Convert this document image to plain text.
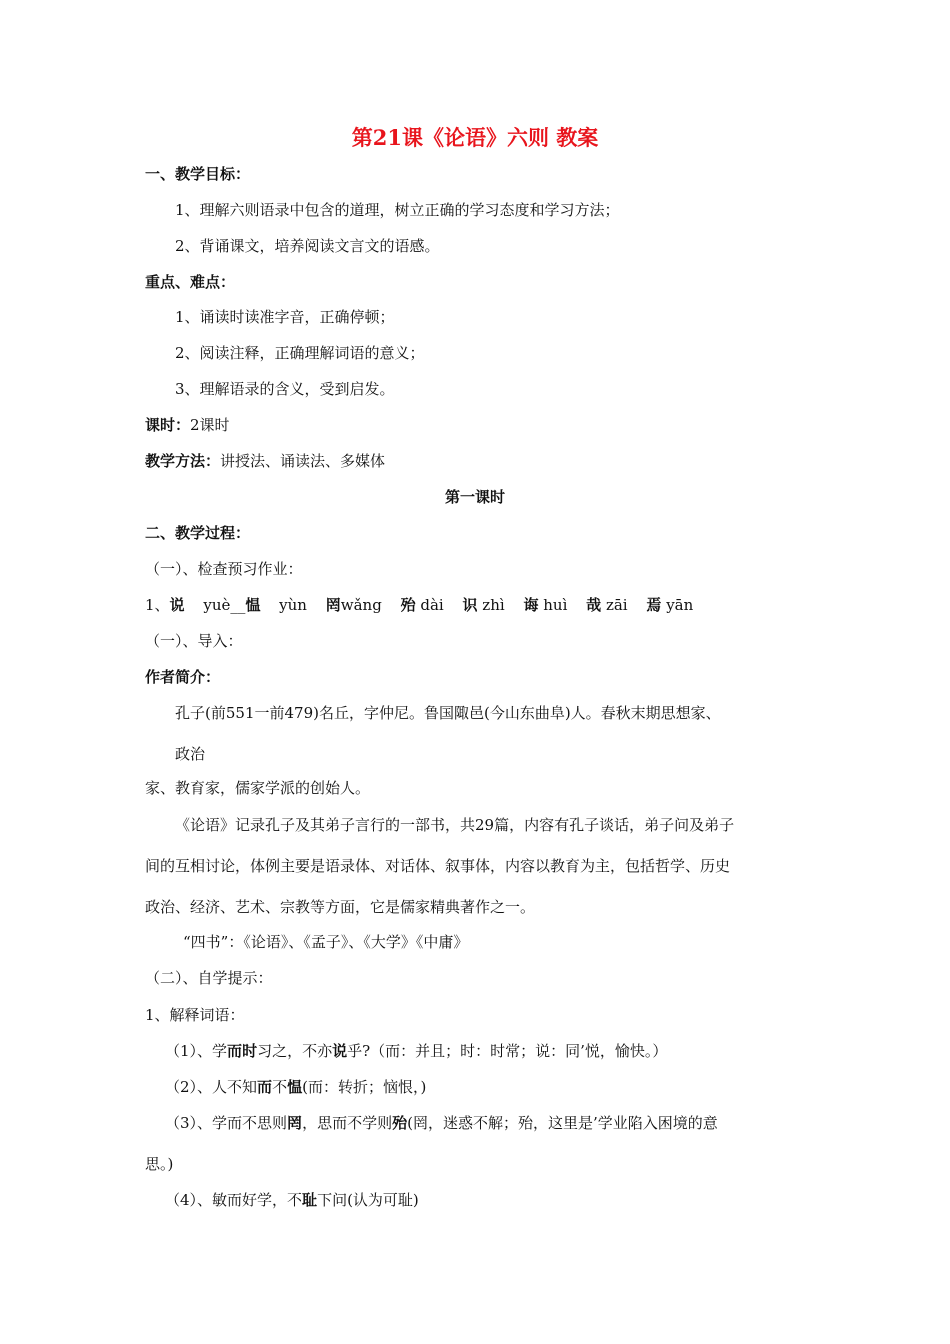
第21课《论语》六则 教案
一、教学目标：
1、理解六则语录中包含的道理，树立正确的学习态度和学习方法；
2、背诵课文，培养阅读文言文的语感。
重点、难点：
1、诵读时读准字音，正确停顿；
2、阅读注释，正确理解词语的意义；
3、理解语录的含义，受到启发。
课时：2课时
教学方法：讲授法、诵读法、多媒体
第一课时
二、教学过程：
（一）、检查预习作业：
1、说 yuè__愠 yùn 罔wǎng 殆 dài 识 zhì 诲 huì 哉 zāi 焉 yān
（一）、导入：
作者简介：
孔子(前551一前479)名丘，字仲尼。鲁国陬邑(今山东曲阜)人。春秋末期思想家、
政治
家、教育家，儒家学派的创始人。
《论语》记录孔子及其弟子言行的一部书，共29篇，内容有孔子谈话，弟子问及弟子
间的互相讨论，体例主要是语录体、对话体、叙事体，内容以教育为主，包括哲学、历史
政治、经济、艺术、宗教等方面，它是儒家精典著作之一。
“四书”：《论语》、《孟子》、《大学》《中庸》
（二）、自学提示：
1、解释词语：
（1）、学而时习之，不亦说乎?（而：并且；时：时常；说：同’悦，愉快。）
（2）、人不知而不愠(而：转折；恼恨，)
（3）、学而不思则罔，思而不学则殆(罔，迷惑不解；殆，这里是’学业陷入困境的意
思。)
（4）、敏而好学，不耻下问(认为可耻)
